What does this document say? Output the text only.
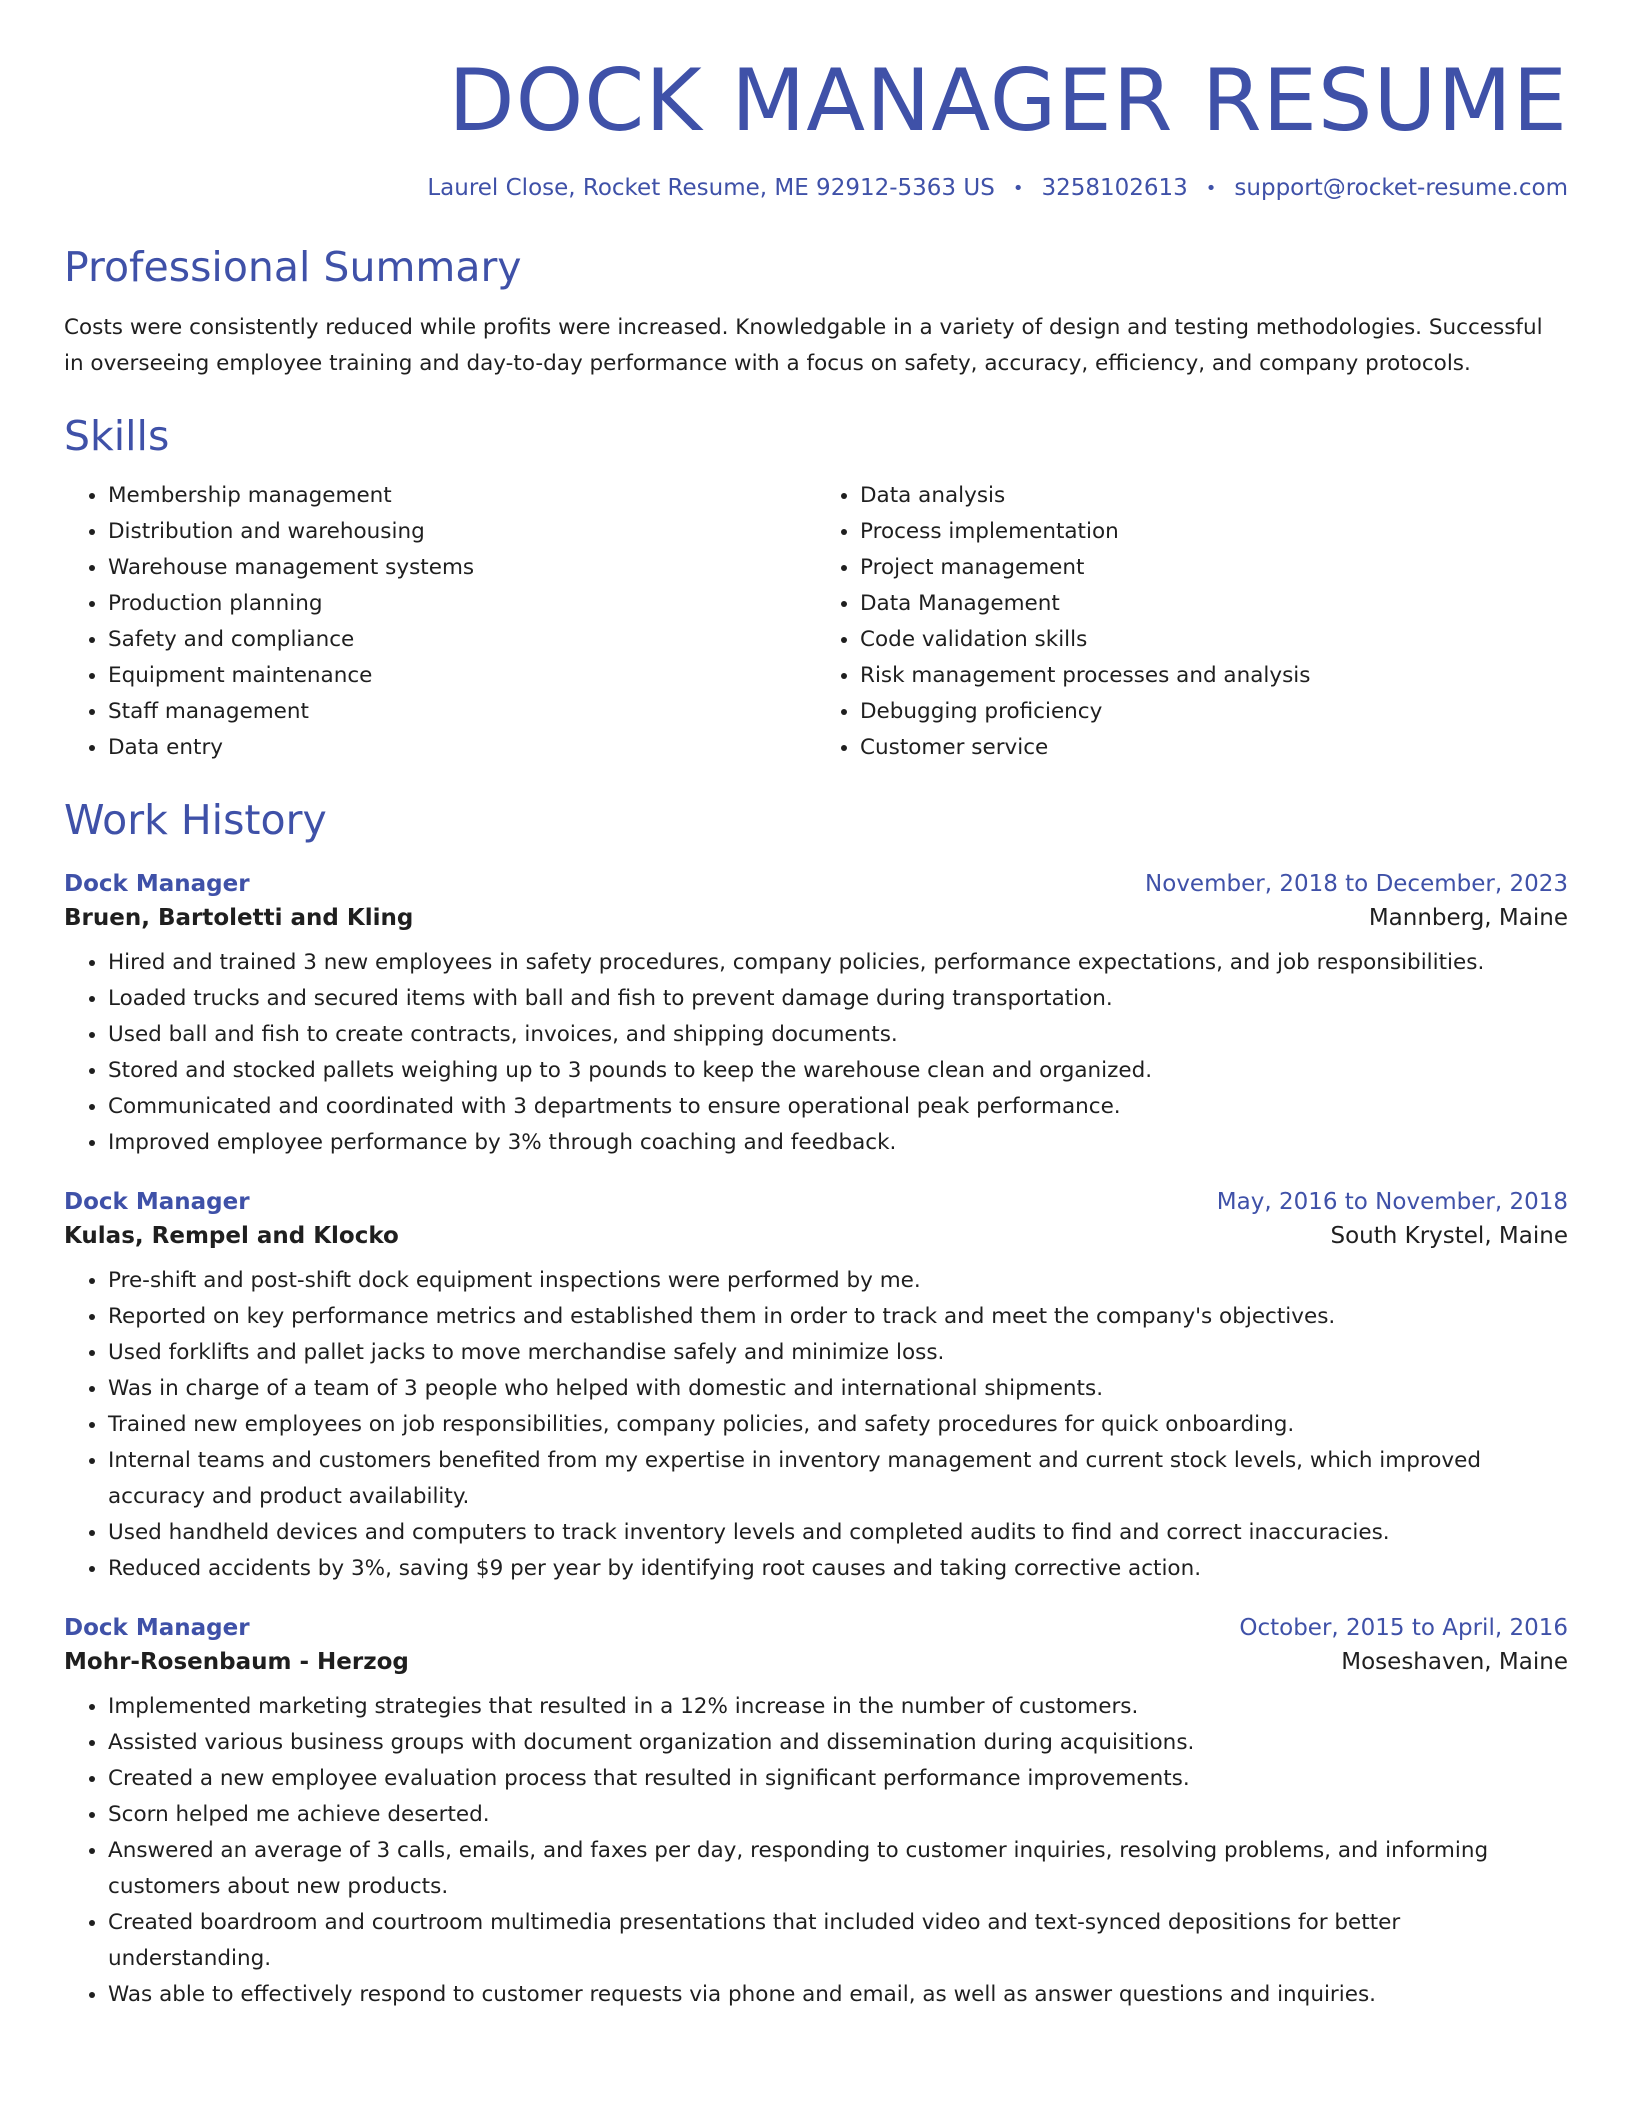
DOCK MANAGER RESUME
Laurel Close, Rocket Resume, ME 92912-5363 US • 3258102613 • support@rocket-resume.com
Professional Summary

Costs were consistently reduced while profits were increased. Knowledgable in a variety of design and testing methodologies. Successful in overseeing employee training and day-to-day performance with a focus on safety, accuracy, efficiency, and company protocols.

Skills
• Membership management
• Distribution and warehousing
• Warehouse management systems
• Production planning
• Safety and compliance
• Equipment maintenance
• Staff management
• Data entry
• Data analysis
• Process implementation
• Project management
• Data Management
• Code validation skills
• Risk management processes and analysis
• Debugging proficiency
• Customer service
Work History
Dock Manager	November, 2018 to December, 2023
Bruen, Bartoletti and Kling	Mannberg, Maine
• Hired and trained 3 new employees in safety procedures, company policies, performance expectations, and job responsibilities.
• Loaded trucks and secured items with ball and fish to prevent damage during transportation.
• Used ball and fish to create contracts, invoices, and shipping documents.
• Stored and stocked pallets weighing up to 3 pounds to keep the warehouse clean and organized.
• Communicated and coordinated with 3 departments to ensure operational peak performance.
• Improved employee performance by 3% through coaching and feedback.
Dock Manager	May, 2016 to November, 2018
Kulas, Rempel and Klocko	South Krystel, Maine
• Pre-shift and post-shift dock equipment inspections were performed by me.
• Reported on key performance metrics and established them in order to track and meet the company's objectives.
• Used forklifts and pallet jacks to move merchandise safely and minimize loss.
• Was in charge of a team of 3 people who helped with domestic and international shipments.
• Trained new employees on job responsibilities, company policies, and safety procedures for quick onboarding.
• Internal teams and customers benefited from my expertise in inventory management and current stock levels, which improved accuracy and product availability.
• Used handheld devices and computers to track inventory levels and completed audits to find and correct inaccuracies.
• Reduced accidents by 3%, saving $9 per year by identifying root causes and taking corrective action.
Dock Manager	October, 2015 to April, 2016
Mohr-Rosenbaum - Herzog	Moseshaven, Maine
• Implemented marketing strategies that resulted in a 12% increase in the number of customers.
• Assisted various business groups with document organization and dissemination during acquisitions.
• Created a new employee evaluation process that resulted in significant performance improvements.
• Scorn helped me achieve deserted.
• Answered an average of 3 calls, emails, and faxes per day, responding to customer inquiries, resolving problems, and informing customers about new products.
• Created boardroom and courtroom multimedia presentations that included video and text-synced depositions for better understanding.
• Was able to effectively respond to customer requests via phone and email, as well as answer questions and inquiries.
